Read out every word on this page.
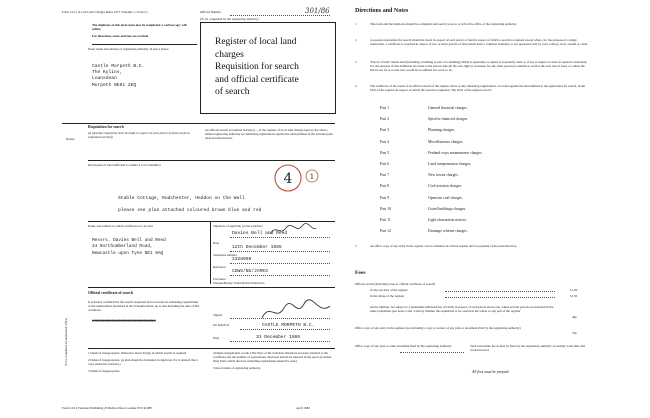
Form LLC1 (Local Land Charges Rules 1977 Schedule 1, Form C)	Official Number	301/86
(To be completed by the registering authority)
The duplicate of this form must also be completed: a carbon copy will suffice
For directions, notes and fees see overleaf
Insert name and address of registering authority in space below
Castle Morpeth B.C.
The Kylins,
Loansdean
Morpeth NE61 2EQ
Register of local land
charges
Requisition for search
and official certificate
of search
Requisition for search
Delete
(A separate requisition must be made in respect of each parcel of land except as explained overleaf)
An official search is required in Part(s) ... of the register of local land charges kept by the above-named registering authority for subsisting registrations against the land (defined in the attached plan and) described below.
Description of land sufficient to enable it to be identified
4 1
Stable Cottage, Rudchester, Heddon on the Wall
please see plan attached coloured brown blue and red
Name and address to which certificate is to be sent
Messrs. Davies Bell and Reed
24 Northumberland Road,
Newcastle upon Tyne NE1 8AQ
Signature of applicant (or his solicitor)
Davies Bell and Reed
Date
12th December 1986
Telephone number
2328050
Reference
CDWS/NG/JAMES
Enclosure
Cheque/Money Order/Postal Order/Giro
To be completed by authorised officer
Official certificate of search
It is hereby certified that the search requested above reveals no subsisting registrations or the registrations described in the Schedule hereto up to and including the date of this certificate.
xxxxxxxxxxxxxxxxxxxxxxxxxx
Signed
On behalf of	CASTLE MORPETH B.C.
Date	31 December 1986
1 Delete if inappropriate. Otherwise insert Part(s) in which search is required.
2 Delete if inappropriate. (A plan should be furnished in duplicate if it is desired that a copy should be returned.)
3 Delete if inappropriate.
4 Delete inapplicable words. (The Parts of the Schedule should be securely attached to the certificate and the number of registrations disclosed should be inserted in the space provided. Only Parts which disclose subsisting registrations should be sent.)
5 Insert name of registering authority.
Form LLC1 Fourmat Publishing 25 Bedford Row London WC1R 4HE	April 1982
Directions and Notes
1	This form and the duplicate should be completed and sent by post to or left at the office of the registering authority.
2	A separate requisition for search should be made in respect of each parcel of land in respect of which a search is required except where, for the purpose of a single transaction, a certificate is required in respect of two or more parcels of land which have a common boundary or are separated only by road, railway, river, stream or canal.
3	"Parcel of land" means land (including a building or part of a building) which is separately occupied or separately rated or, if not occupied or rated, in separate ownership. For the purpose of this definition an owner is the person who (in his own right or as trustee for any other person) is entitled to receive the rack rent of land, or, where the land is not let at a rack rent, would be so entitled if it were so let.
4	The certificate of the result of an official search of the register refers to any subsisting registrations, recorded against the land defined in the application for search, in the Parts of the register in respect of which the search is requested. The Parts of the register record:
Part 1	General financial charges.
Part 2	Specific financial charges.
Part 3	Planning charges.
Part 4	Miscellaneous charges.
Part 5	Fenland ways maintenance charges.
Part 6	Land compensation charges.
Part 7	New towns charges.
Part 8	Civil aviation charges.
Part 9	Opencast coal charges.
Part 10	Listed buildings charges.
Part 11	Light obstruction notices.
Part 12	Drainage scheme charges.
5	An office copy of any entry in the register can be obtained on written request and on payment of the prescribed fee.
Fees
Official search (including issue of official certificate of search)
in any one Part of the register	£1.00
in the whole of the register	£2.50
and in addition, but subject to a maximum additional fee of £9.00, in respect of each parcel above one, where several parcels are included in the same requisition (see notes 2 and 3 above) whether the requisition is for search in the whole or any part of the register
40p
Office copy of any entry in the register (not including a copy or extract of any plan or document filed by the registering authority)
70p
Office copy of any plan or other document filed by the registering authority	Such reasonable fee as may be fixed by the registering authority according to the time and work involved.
All fees must be prepaid
